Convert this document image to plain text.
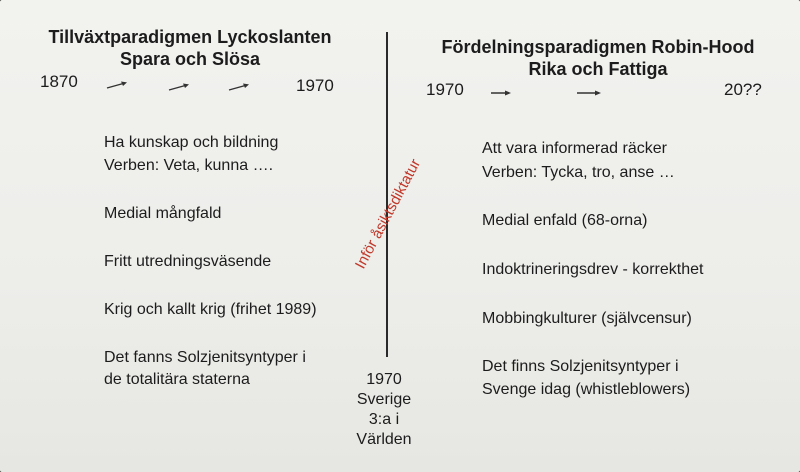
Tillväxtparadigmen Lyckoslanten
Spara och Slösa
1870	1970
Ha kunskap och bildning
Verben: Veta, kunna ….
Medial mångfald
Fritt utredningsväsende
Krig och kallt krig (frihet 1989)
Det fanns Solzjenitsyntyper i
de totalitära staterna
Inför åsiktsdiktatur
1970
Sverige
3:a i
Världen
Fördelningsparadigmen Robin-Hood
Rika och Fattiga
1970	20??
Att vara informerad räcker
Verben: Tycka, tro, anse …
Medial enfald (68-orna)
Indoktrineringsdrev - korrekthet
Mobbingkulturer (självcensur)
Det finns Solzjenitsyntyper i
Svenge idag (whistleblowers)
